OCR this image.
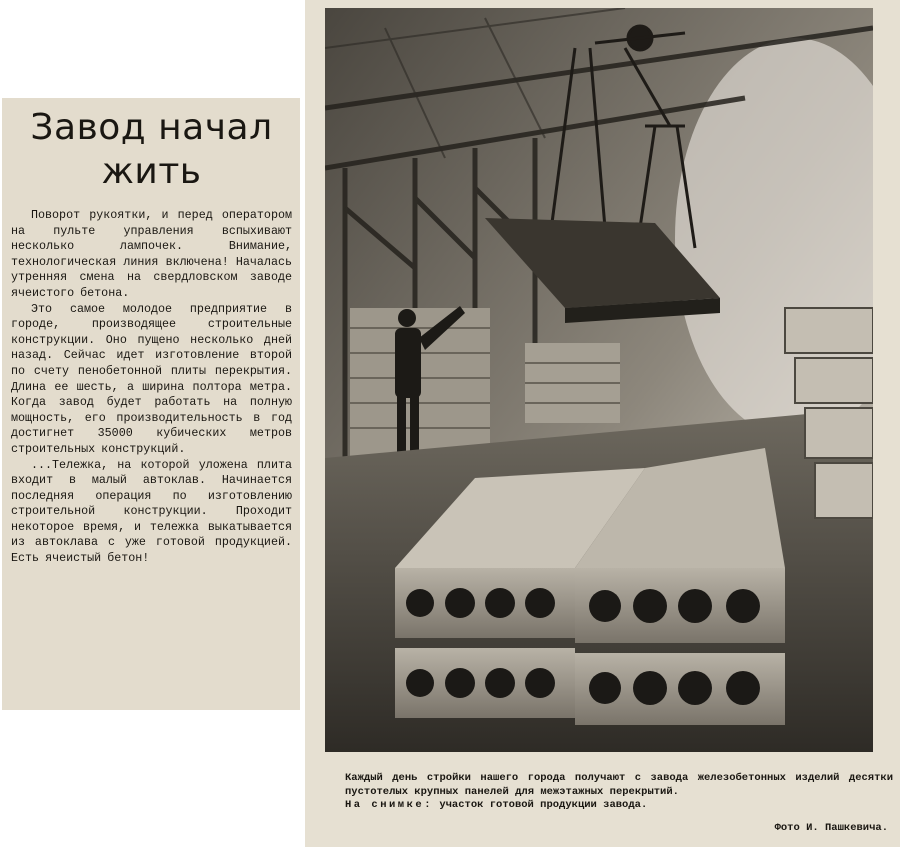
Завод начал жить

Поворот рукоятки, и перед оператором на пульте управления вспыхивают несколько лампочек. Внимание, технологическая линия включена! Началась утренняя смена на свердловском заводе ячеистого бетона.

Это самое молодое предприятие в городе, производящее строительные конструкции. Оно пущено несколько дней назад. Сейчас идет изготовление второй по счету пенобетонной плиты перекрытия. Длина ее шесть, а ширина полтора метра. Когда завод будет работать на полную мощность, его производительность в год достигнет 35000 кубических метров строительных конструкций.

...Тележка, на которой уложена плита входит в малый автоклав. Начинается последняя операция по изготовлению строительной конструкции. Проходит некоторое время, и тележка выкатывается из автоклава с уже готовой продукцией. Есть ячеистый бетон!

Каждый день стройки нашего города получают с завода железобетонных изделий десятки пустотелых крупных панелей для межэтажных перекрытий.
На снимке: участок готовой продукции завода.

Фото И. Пашкевича.
